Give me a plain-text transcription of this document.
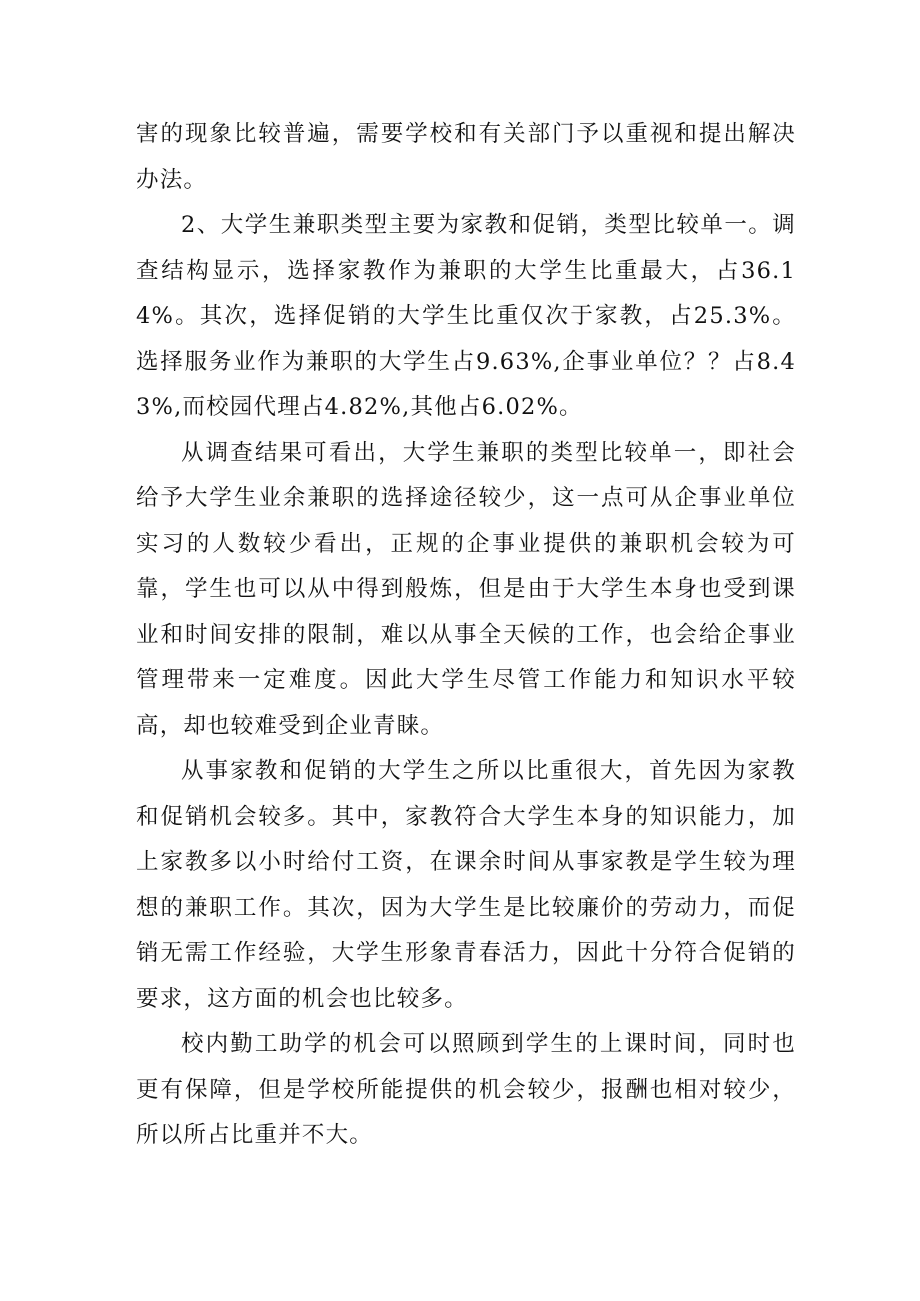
害的现象比较普遍，需要学校和有关部门予以重视和提出解决办法。

2、大学生兼职类型主要为家教和促销，类型比较单一。调查结构显示，选择家教作为兼职的大学生比重最大，占36.14%。其次，选择促销的大学生比重仅次于家教，占25.3%。选择服务业作为兼职的大学生占9.63%,企事业单位？？占8.43%,而校园代理占4.82%,其他占6.02%。

从调查结果可看出，大学生兼职的类型比较单一，即社会给予大学生业余兼职的选择途径较少，这一点可从企事业单位实习的人数较少看出，正规的企事业提供的兼职机会较为可靠，学生也可以从中得到般炼，但是由于大学生本身也受到课业和时间安排的限制，难以从事全天候的工作，也会给企事业管理带来一定难度。因此大学生尽管工作能力和知识水平较高，却也较难受到企业青睐。

从事家教和促销的大学生之所以比重很大，首先因为家教和促销机会较多。其中，家教符合大学生本身的知识能力，加上家教多以小时给付工资，在课余时间从事家教是学生较为理想的兼职工作。其次，因为大学生是比较廉价的劳动力，而促销无需工作经验，大学生形象青春活力，因此十分符合促销的要求，这方面的机会也比较多。

校内勤工助学的机会可以照顾到学生的上课时间，同时也更有保障，但是学校所能提供的机会较少，报酬也相对较少，所以所占比重并不大。
